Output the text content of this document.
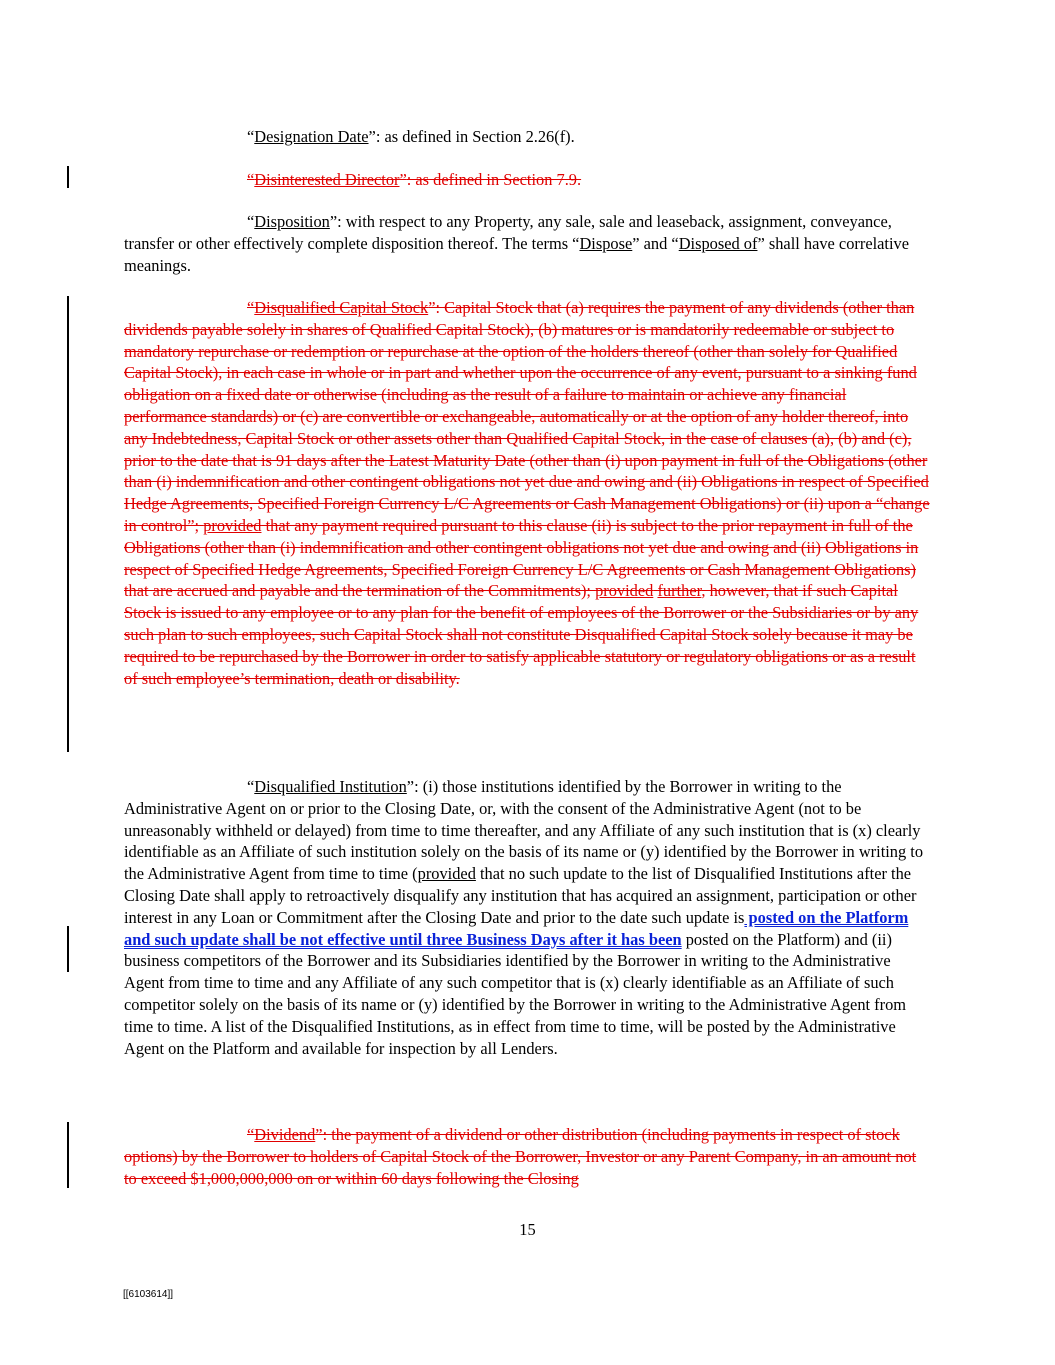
“Designation Date”: as defined in Section 2.26(f).

“Disinterested Director”: as defined in Section 7.9.

“Disposition”: with respect to any Property, any sale, sale and leaseback, assignment, conveyance, transfer or other effectively complete disposition thereof. The terms “Dispose” and “Disposed of” shall have correlative meanings.

“Disqualified Capital Stock”: Capital Stock that (a) requires the payment of any dividends (other than dividends payable solely in shares of Qualified Capital Stock), (b) matures or is mandatorily redeemable or subject to mandatory repurchase or redemption or repurchase at the option of the holders thereof (other than solely for Qualified Capital Stock), in each case in whole or in part and whether upon the occurrence of any event, pursuant to a sinking fund obligation on a fixed date or otherwise (including as the result of a failure to maintain or achieve any financial performance standards) or (c) are convertible or exchangeable, automatically or at the option of any holder thereof, into any Indebtedness, Capital Stock or other assets other than Qualified Capital Stock, in the case of clauses (a), (b) and (c), prior to the date that is 91 days after the Latest Maturity Date (other than (i) upon payment in full of the Obligations (other than (i) indemnification and other contingent obligations not yet due and owing and (ii) Obligations in respect of Specified Hedge Agreements, Specified Foreign Currency L/C Agreements or Cash Management Obligations) or (ii) upon a “change in control”; provided that any payment required pursuant to this clause (ii) is subject to the prior repayment in full of the Obligations (other than (i) indemnification and other contingent obligations not yet due and owing and (ii) Obligations in respect of Specified Hedge Agreements, Specified Foreign Currency L/C Agreements or Cash Management Obligations) that are accrued and payable and the termination of the Commitments); provided further, however, that if such Capital Stock is issued to any employee or to any plan for the benefit of employees of the Borrower or the Subsidiaries or by any such plan to such employees, such Capital Stock shall not constitute Disqualified Capital Stock solely because it may be required to be repurchased by the Borrower in order to satisfy applicable statutory or regulatory obligations or as a result of such employee’s termination, death or disability.

“Disqualified Institution”: (i) those institutions identified by the Borrower in writing to the Administrative Agent on or prior to the Closing Date, or, with the consent of the Administrative Agent (not to be unreasonably withheld or delayed) from time to time thereafter, and any Affiliate of any such institution that is (x) clearly identifiable as an Affiliate of such institution solely on the basis of its name or (y) identified by the Borrower in writing to the Administrative Agent from time to time (provided that no such update to the list of Disqualified Institutions after the Closing Date shall apply to retroactively disqualify any institution that has acquired an assignment, participation or other interest in any Loan or Commitment after the Closing Date and prior to the date such update is posted on the Platform and such update shall be not effective until three Business Days after it has been posted on the Platform) and (ii) business competitors of the Borrower and its Subsidiaries identified by the Borrower in writing to the Administrative Agent from time to time and any Affiliate of any such competitor that is (x) clearly identifiable as an Affiliate of such competitor solely on the basis of its name or (y) identified by the Borrower in writing to the Administrative Agent from time to time. A list of the Disqualified Institutions, as in effect from time to time, will be posted by the Administrative Agent on the Platform and available for inspection by all Lenders.

“Dividend”: the payment of a dividend or other distribution (including payments in respect of stock options) by the Borrower to holders of Capital Stock of the Borrower, Investor or any Parent Company, in an amount not to exceed $1,000,000,000 on or within 60 days following the Closing

15
[[6103614]]
